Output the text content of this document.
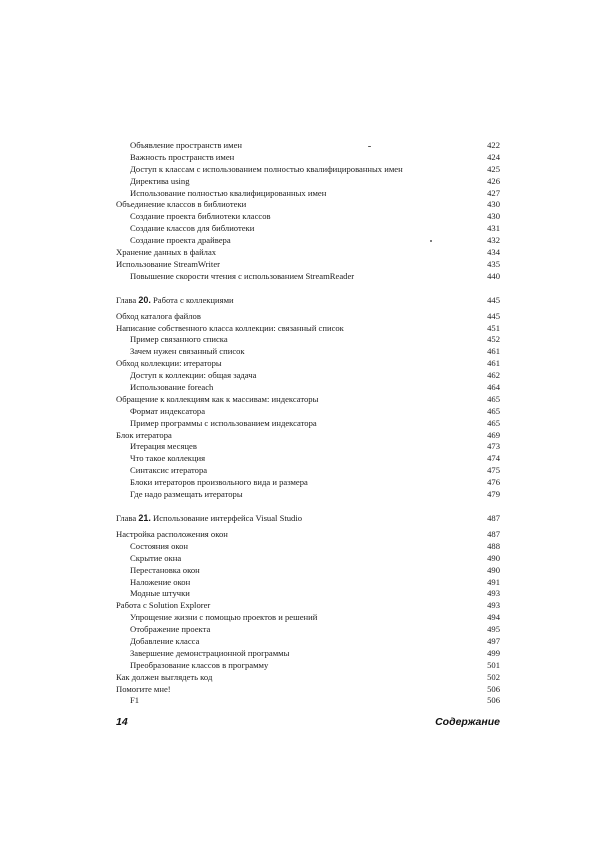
Объявление пространств имен	422
Важность пространств имен	424
Доступ к классам с использованием полностью квалифицированных имен	425
Директива using	426
Использование полностью квалифицированных имен	427
Объединение классов в библиотеки	430
Создание проекта библиотеки классов	430
Создание классов для библиотеки	431
Создание проекта драйвера	432
Хранение данных в файлах	434
Использование StreamWriter	435
Повышение скорости чтения с использованием StreamReader	440
Глава 20. Работа с коллекциями	445
Обход каталога файлов	445
Написание собственного класса коллекции: связанный список	451
Пример связанного списка	452
Зачем нужен связанный список	461
Обход коллекции: итераторы	461
Доступ к коллекции: общая задача	462
Использование foreach	464
Обращение к коллекциям как к массивам: индексаторы	465
Формат индексатора	465
Пример программы с использованием индексатора	465
Блок итератора	469
Итерация месяцев	473
Что такое коллекция	474
Синтаксис итератора	475
Блоки итераторов произвольного вида и размера	476
Где надо размещать итераторы	479
Глава 21. Использование интерфейса Visual Studio	487
Настройка расположения окон	487
Состояния окон	488
Скрытие окна	490
Перестановка окон	490
Наложение окон	491
Модные штучки	493
Работа с Solution Explorer	493
Упрощение жизни с помощью проектов и решений	494
Отображение проекта	495
Добавление класса	497
Завершение демонстрационной программы	499
Преобразование классов в программу	501
Как должен выглядеть код	502
Помогите мне!	506
F1	506
14	Содержание
